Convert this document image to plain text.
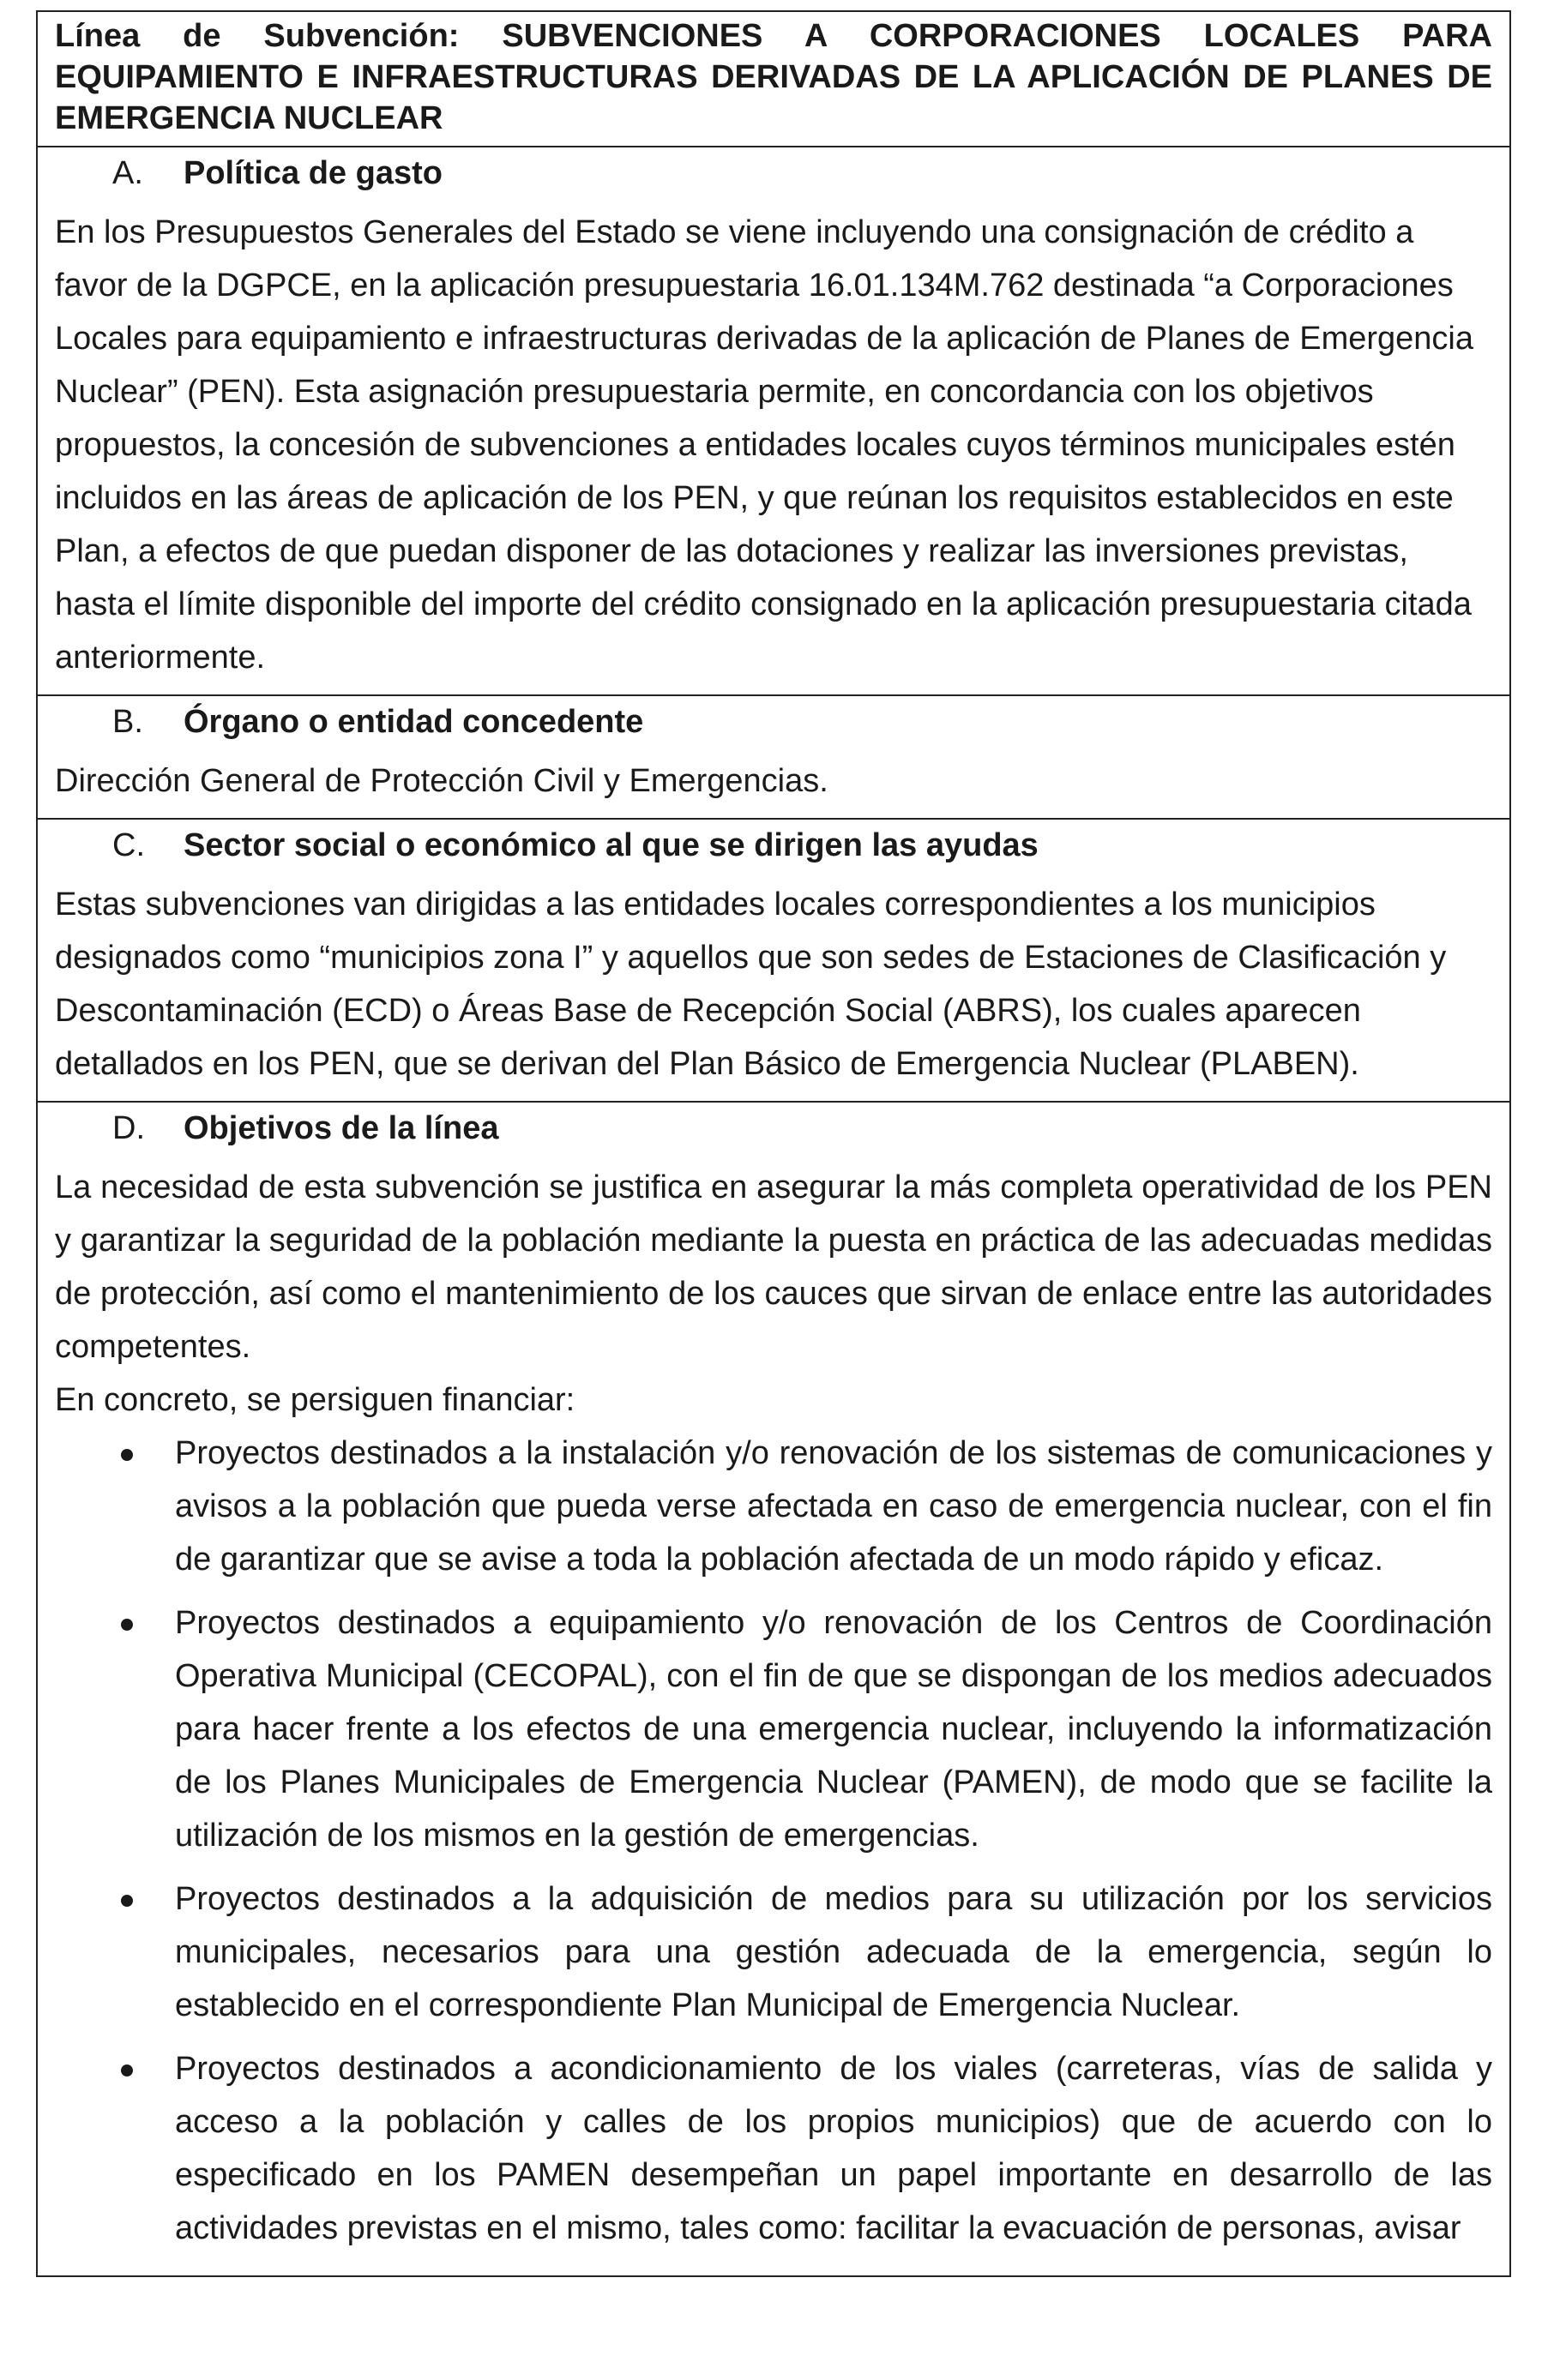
Línea de Subvención: SUBVENCIONES A CORPORACIONES LOCALES PARA EQUIPAMIENTO E INFRAESTRUCTURAS DERIVADAS DE LA APLICACIÓN DE PLANES DE EMERGENCIA NUCLEAR
A.	Política de gasto

En los Presupuestos Generales del Estado se viene incluyendo una consignación de crédito a favor de la DGPCE, en la aplicación presupuestaria 16.01.134M.762 destinada “a Corporaciones Locales para equipamiento e infraestructuras derivadas de la aplicación de Planes de Emergencia Nuclear” (PEN). Esta asignación presupuestaria permite, en concordancia con los objetivos propuestos, la concesión de subvenciones a entidades locales cuyos términos municipales estén incluidos en las áreas de aplicación de los PEN, y que reúnan los requisitos establecidos en este Plan, a efectos de que puedan disponer de las dotaciones y realizar las inversiones previstas, hasta el límite disponible del importe del crédito consignado en la aplicación presupuestaria citada anteriormente.

B.	Órgano o entidad concedente

Dirección General de Protección Civil y Emergencias.

C.	Sector social o económico al que se dirigen las ayudas

Estas subvenciones van dirigidas a las entidades locales correspondientes a los municipios designados como “municipios zona I” y aquellos que son sedes de Estaciones de Clasificación y Descontaminación (ECD) o Áreas Base de Recepción Social (ABRS), los cuales aparecen detallados en los PEN, que se derivan del Plan Básico de Emergencia Nuclear (PLABEN).

D.	Objetivos de la línea

La necesidad de esta subvención se justifica en asegurar la más completa operatividad de los PEN y garantizar la seguridad de la población mediante la puesta en práctica de las adecuadas medidas de protección, así como el mantenimiento de los cauces que sirvan de enlace entre las autoridades competentes.

En concreto, se persiguen financiar:

Proyectos destinados a la instalación y/o renovación de los sistemas de comunicaciones y avisos a la población que pueda verse afectada en caso de emergencia nuclear, con el fin de garantizar que se avise a toda la población afectada de un modo rápido y eficaz.
Proyectos destinados a equipamiento y/o renovación de los Centros de Coordinación Operativa Municipal (CECOPAL), con el fin de que se dispongan de los medios adecuados para hacer frente a los efectos de una emergencia nuclear, incluyendo la informatización de los Planes Municipales de Emergencia Nuclear (PAMEN), de modo que se facilite la utilización de los mismos en la gestión de emergencias.
Proyectos destinados a la adquisición de medios para su utilización por los servicios municipales, necesarios para una gestión adecuada de la emergencia, según lo establecido en el correspondiente Plan Municipal de Emergencia Nuclear.
Proyectos destinados a acondicionamiento de los viales (carreteras, vías de salida y acceso a la población y calles de los propios municipios) que de acuerdo con lo especificado en los PAMEN desempeñan un papel importante en desarrollo de las actividades previstas en el mismo, tales como: facilitar la evacuación de personas, avisar
